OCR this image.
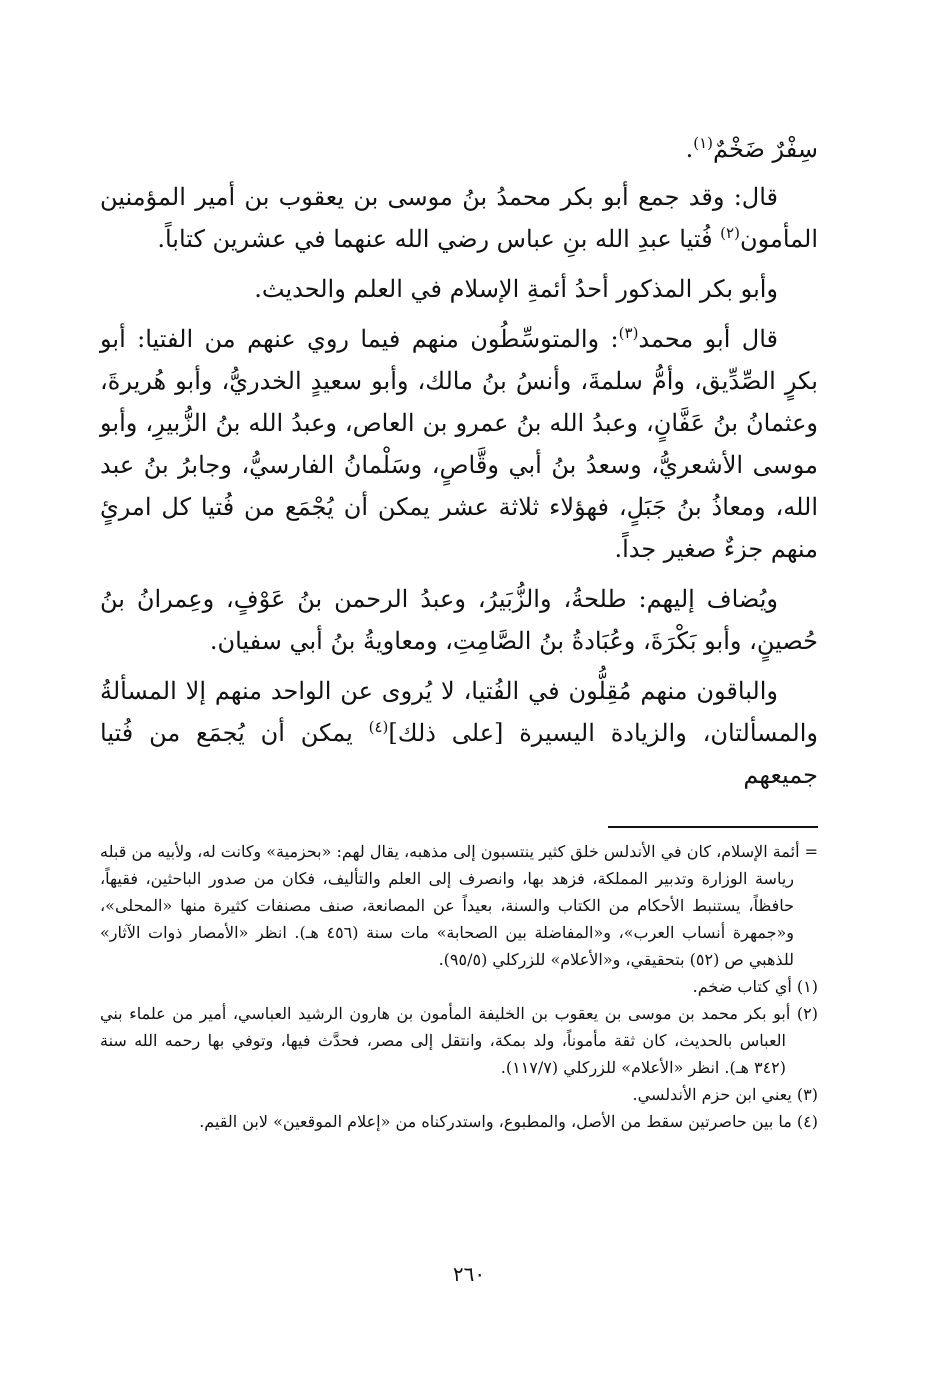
سِفْرٌ ضَخْمٌ$^{(١)}$.

قال: وقد جمع أبو بكر محمدُ بنُ موسى بن يعقوب بن أمير المؤمنين المأمون$^{(٢)}$ فُتيا عبدِ الله بنِ عباس رضي الله عنهما في عشرين كتاباً.

وأبو بكر المذكور أحدُ أئمةِ الإسلام في العلم والحديث.

قال أبو محمد$^{(٣)}$: والمتوسِّطُون منهم فيما روي عنهم من الفتيا: أبو بكرٍ الصِّدِّيق، وأمُّ سلمةَ، وأنسُ بنُ مالك، وأبو سعيدٍ الخدريُّ، وأبو هُريرةَ، وعثمانُ بنُ عَفَّانٍ، وعبدُ الله بنُ عمرو بن العاص، وعبدُ الله بنُ الزُّبيرِ، وأبو موسى الأشعريُّ، وسعدُ بنُ أبي وقَّاصٍ، وسَلْمانُ الفارسيُّ، وجابرُ بنُ عبد الله، ومعاذُ بنُ جَبَلٍ، فهؤلاء ثلاثة عشر يمكن أن يُجْمَع من فُتيا كل امرئٍ منهم جزءٌ صغير جداً.

ويُضاف إليهم: طلحةُ، والزُّبَيرُ، وعبدُ الرحمن بنُ عَوْفٍ، وعِمرانُ بنُ حُصينٍ، وأبو بَكْرَةَ، وعُبَادةُ بنُ الصَّامِتِ، ومعاويةُ بنُ أبي سفيان.

والباقون منهم مُقِلُّون في الفُتيا، لا يُروى عن الواحد منهم إلا المسألةُ والمسألتان، والزيادة اليسيرة [على ذلك]$^{(٤)}$ يمكن أن يُجمَع من فُتيا جميعهم

= أئمة الإسلام، كان في الأندلس خلق كثير ينتسبون إلى مذهبه، يقال لهم: «بحزمية» وكانت له، ولأبيه من قبله رياسة الوزارة وتدبير المملكة، فزهد بها، وانصرف إلى العلم والتأليف، فكان من صدور الباحثين، فقيهاً، حافظاً، يستنبط الأحكام من الكتاب والسنة، بعيداً عن المصانعة، صنف مصنفات كثيرة منها «المحلى»، و«جمهرة أنساب العرب»، و«المفاضلة بين الصحابة» مات سنة (٤٥٦ هـ). انظر «الأمصار ذوات الآثار» للذهبي ص (٥٢) بتحقيقي، و«الأعلام» للزركلي (٩٥/٥).

(١) أي كتاب ضخم.

(٢) أبو بكر محمد بن موسى بن يعقوب بن الخليفة المأمون بن هارون الرشيد العباسي، أمير من علماء بني العباس بالحديث، كان ثقة مأموناً، ولد بمكة، وانتقل إلى مصر، فحدَّث فيها، وتوفي بها رحمه الله سنة (٣٤٢ هـ). انظر «الأعلام» للزركلي (١١٧/٧).

(٣) يعني ابن حزم الأندلسي.

(٤) ما بين حاصرتين سقط من الأصل، والمطبوع، واستدركناه من «إعلام الموقعين» لابن القيم.

٢٦٠
